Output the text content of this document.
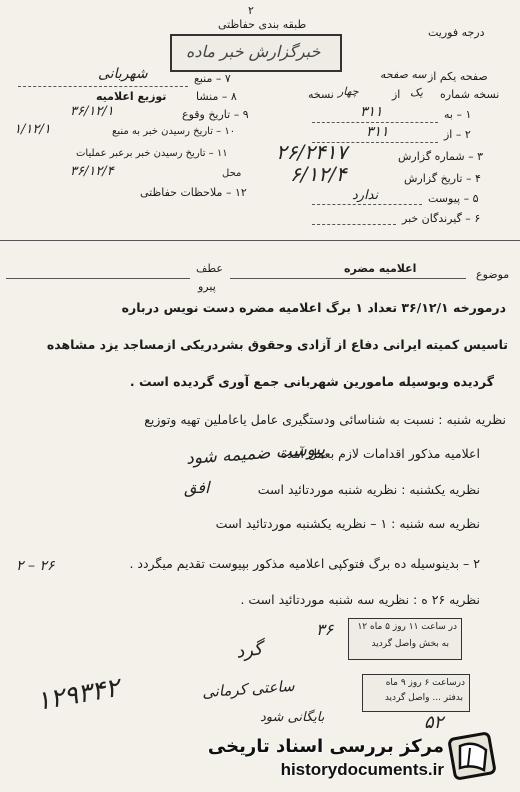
۲
طبقه بندی حفاظتی
خبرگزارش خبر ماده
درجه فوریت
صفحه یکم از
سه صفحه
نسخه شماره
یک
از
چهار
نسخه
۷ – منبع
شهربانی
۸ – منشا
توزیع اعلامیه
۹ – تاریخ وقوع
۳۶/۱۲/۱
۱۰ – تاریخ رسیدن خبر به منبع
۱/۱۲/۱
۱۱ – تاریخ رسیدن خبر برعبر عملیات
۳۶/۱۲/۴	محل
۱۲ – ملاحظات حفاظتی
۱ – به
۳۱۱
۲ – از
۳۱۱
۳ – شماره گزارش
۲۶/۲۴۱۷
۴ – تاریخ گزارش
۶/۱۲/۴
۵ – پیوست
ندارد
۶ – گیرندگان خبر
موضوع
اعلامیه مضره
عطف
پیرو
درمورخه ۳۶/۱۲/۱ تعداد ۱ برگ اعلامیه مضره دست نویس درباره
تاسیس کمیته ایرانی دفاع از آزادی وحقوق بشردریکی ازمساجد یزد مشاهده
گردیده وبوسیله مامورین شهربانی جمع آوری گردیده است .
نظریه شنبه : نسبت به شناسائی ودستگیری عامل یاعاملین تهیه وتوزیع
اعلامیه مذکور اقدامات لازم بعمل آمده
پیوست ضمیمه شود
نظریه یکشنبه : نظریه شنبه موردتائید است
افق
نظریه سه شنبه : ۱ – نظریه یکشنبه موردتائید است
۲ – بدینوسیله ده برگ فتوکپی اعلامیه مذکور بپیوست تقدیم میگردد .
۲۶ – ۲
نظریه ۲۶ ه : نظریه سه شنبه موردتائید است .
در ساعت ۱۱ روز ۵ ماه ۱۲
به بخش واصل گردید
۳۶
گرد
درساعت ۶ روز ۹ ماه
بدفتر ... واصل گردید
ساعتی کرمانی
بایگانی شود
۱۲۹۳۴۲
۵۲
مرکز بررسی اسناد تاریخی
historydocuments.ir
